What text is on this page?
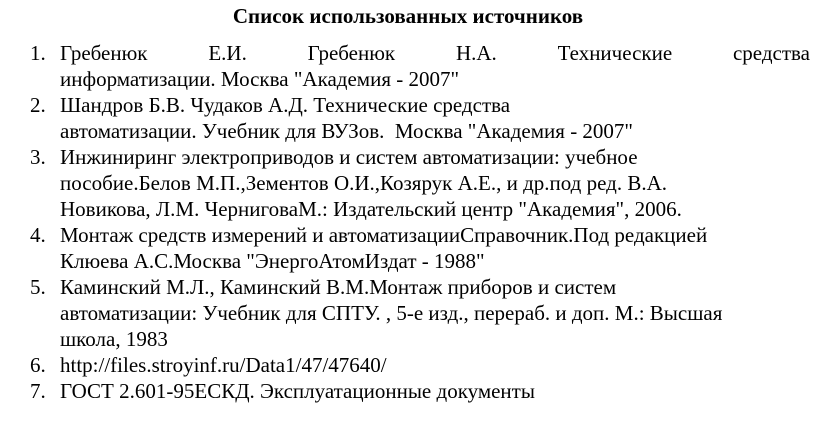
Список использованных источников
1. Гребенюк Е.И. Гребенюк Н.А. Технические средства
информатизации. Москва "Академия - 2007"
2. Шандров Б.В. Чудаков А.Д. Технические средства
автоматизации. Учебник для ВУЗов.  Москва "Академия - 2007"
3. Инжиниринг электроприводов и систем автоматизации: учебное
пособие.Белов М.П.,Зементов О.И.,Козярук А.Е., и др.под ред. В.А.
Новикова, Л.М. ЧерниговаМ.: Издательский центр "Академия", 2006.
4. Монтаж средств измерений и автоматизацииСправочник.Под редакцией
Клюева А.С.Москва "ЭнергоАтомИздат - 1988"
5. Каминский М.Л., Каминский В.М.Монтаж приборов и систем
автоматизации: Учебник для СПТУ. , 5-е изд., перераб. и доп. М.: Высшая
школа, 1983
6. http://files.stroyinf.ru/Data1/47/47640/
7. ГОСТ 2.601-95ЕСКД. Эксплуатационные документы
